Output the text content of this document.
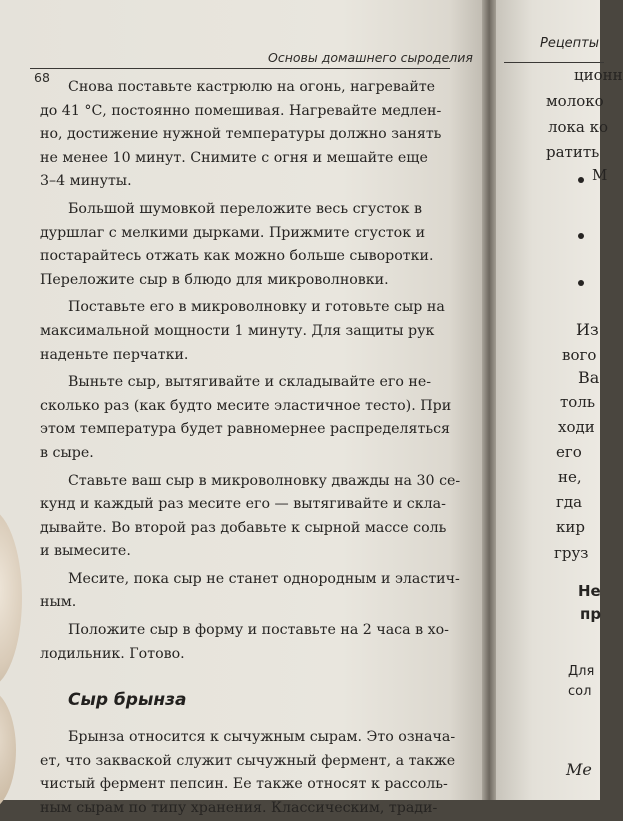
Основы домашнего сыроделия
68
Снова поставьте кастрюлю на огонь, нагревайте
до 41 °С, постоянно помешивая. Нагревайте медлен-
но, достижение нужной температуры должно занять
не менее 10 минут. Снимите с огня и мешайте еще
3–4 минуты.
Большой шумовкой переложите весь сгусток в
дуршлаг с мелкими дырками. Прижмите сгусток и
постарайтесь отжать как можно больше сыворотки.
Переложите сыр в блюдо для микроволновки.
Поставьте его в микроволновку и готовьте сыр на
максимальной мощности 1 минуту. Для защиты рук
наденьте перчатки.
Выньте сыр, вытягивайте и складывайте его не-
сколько раз (как будто месите эластичное тесто). При
этом температура будет равномернее распределяться
в сыре.
Ставьте ваш сыр в микроволновку дважды на 30 се-
кунд и каждый раз месите его — вытягивайте и скла-
дывайте. Во второй раз добавьте к сырной массе соль
и вымесите.
Месите, пока сыр не станет однородным и эластич-
ным.
Положите сыр в форму и поставьте на 2 часа в хо-
лодильник. Готово.
Сыр брынза
Брынза относится к сычужным сырам. Это означа-
ет, что закваской служит сычужный фермент, а также
чистый фермент пепсин. Ее также относят к рассоль-
ным сырам по типу хранения. Классическим, тради-
Рецепты
ционн
молоко
лока ко
ратить
М
Из
вого
Ва
толь
ходи
его
не,
гда
кир
груз
Не
пр
Для
сол
Ме
